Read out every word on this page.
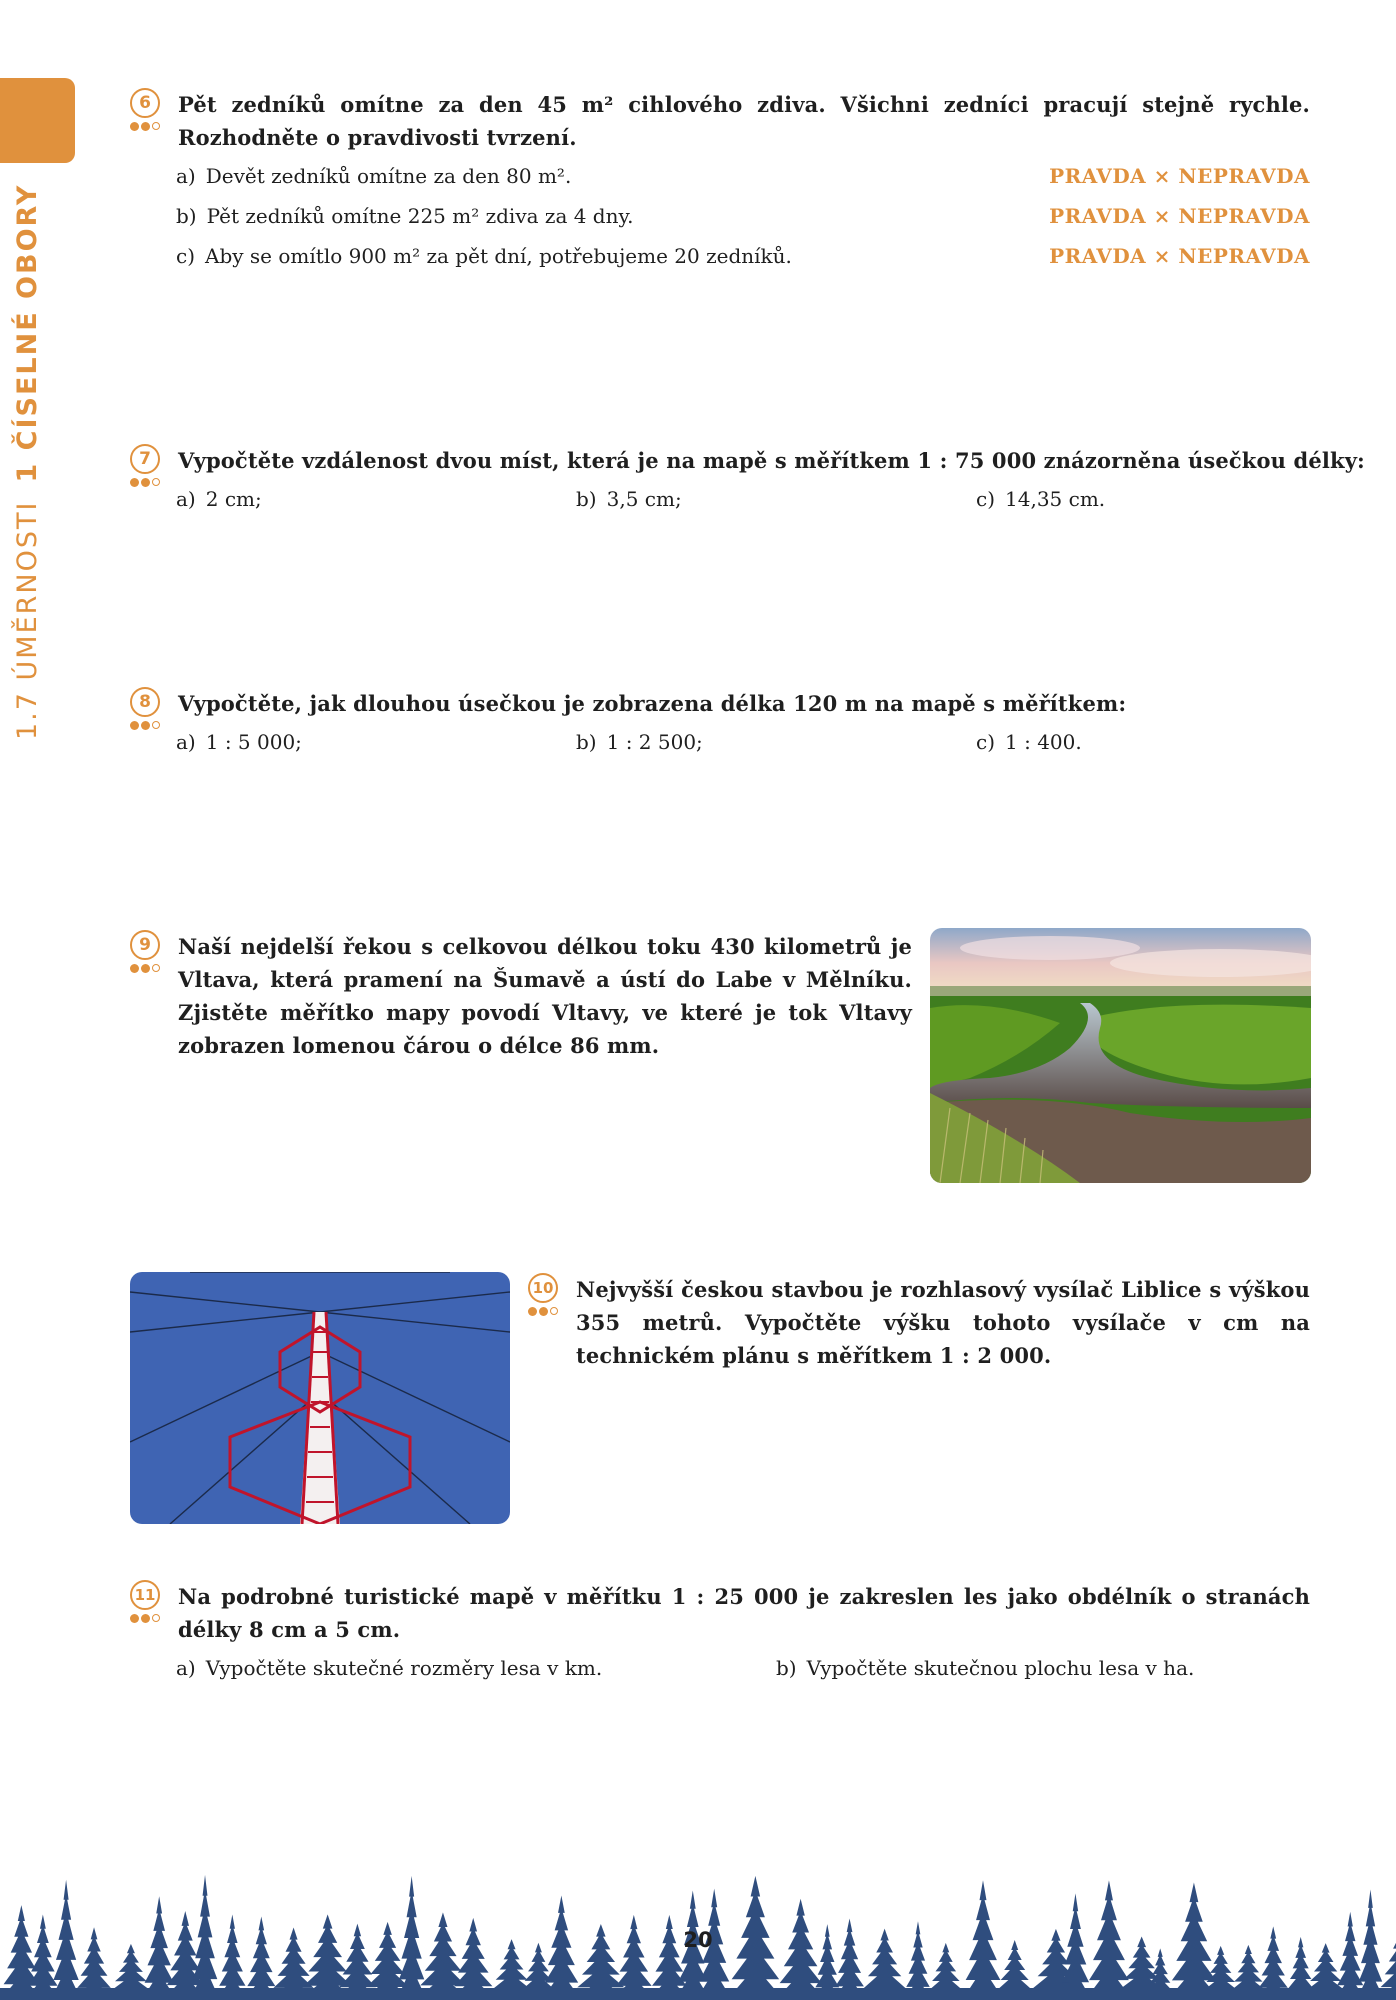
1.7 ÚMĚRNOSTI1 ČÍSELNÉ OBORY
6	Pět zedníků omítne za den 45 m² cihlového zdiva. Všichni zedníci pracují stejně rychle. Rozhodněte o pravdivosti tvrzení.
a) Devět zedníků omítne za den 80 m².	PRAVDA × NEPRAVDA
b) Pět zedníků omítne 225 m² zdiva za 4 dny.	PRAVDA × NEPRAVDA
c) Aby se omítlo 900 m² za pět dní, potřebujeme 20 zedníků.	PRAVDA × NEPRAVDA
7	Vypočtěte vzdálenost dvou míst, která je na mapě s měřítkem 1 : 75 000 znázorněna úsečkou délky:
a) 2 cm;	b) 3,5 cm;	c) 14,35 cm.
8	Vypočtěte, jak dlouhou úsečkou je zobrazena délka 120 m na mapě s měřítkem:
a) 1 : 5 000;	b) 1 : 2 500;	c) 1 : 400.
9	Naší nejdelší řekou s celkovou délkou toku 430 kilometrů je Vltava, která pramení na Šumavě a ústí do Labe v Mělníku. Zjistěte měřítko mapy povodí Vltavy, ve které je tok Vltavy zobrazen lomenou čárou o délce 86 mm.
10 Nejvyšší českou stavbou je rozhlasový vysílač Liblice s výškou 355 metrů. Vypočtěte výšku tohoto vysílače v cm na technickém plánu s měřítkem 1 : 2 000.
11 Na podrobné turistické mapě v měřítku 1 : 25 000 je zakreslen les jako obdélník o stranách délky 8 cm a 5 cm.
a) Vypočtěte skutečné rozměry lesa v km.	b) Vypočtěte skutečnou plochu lesa v ha.
20
